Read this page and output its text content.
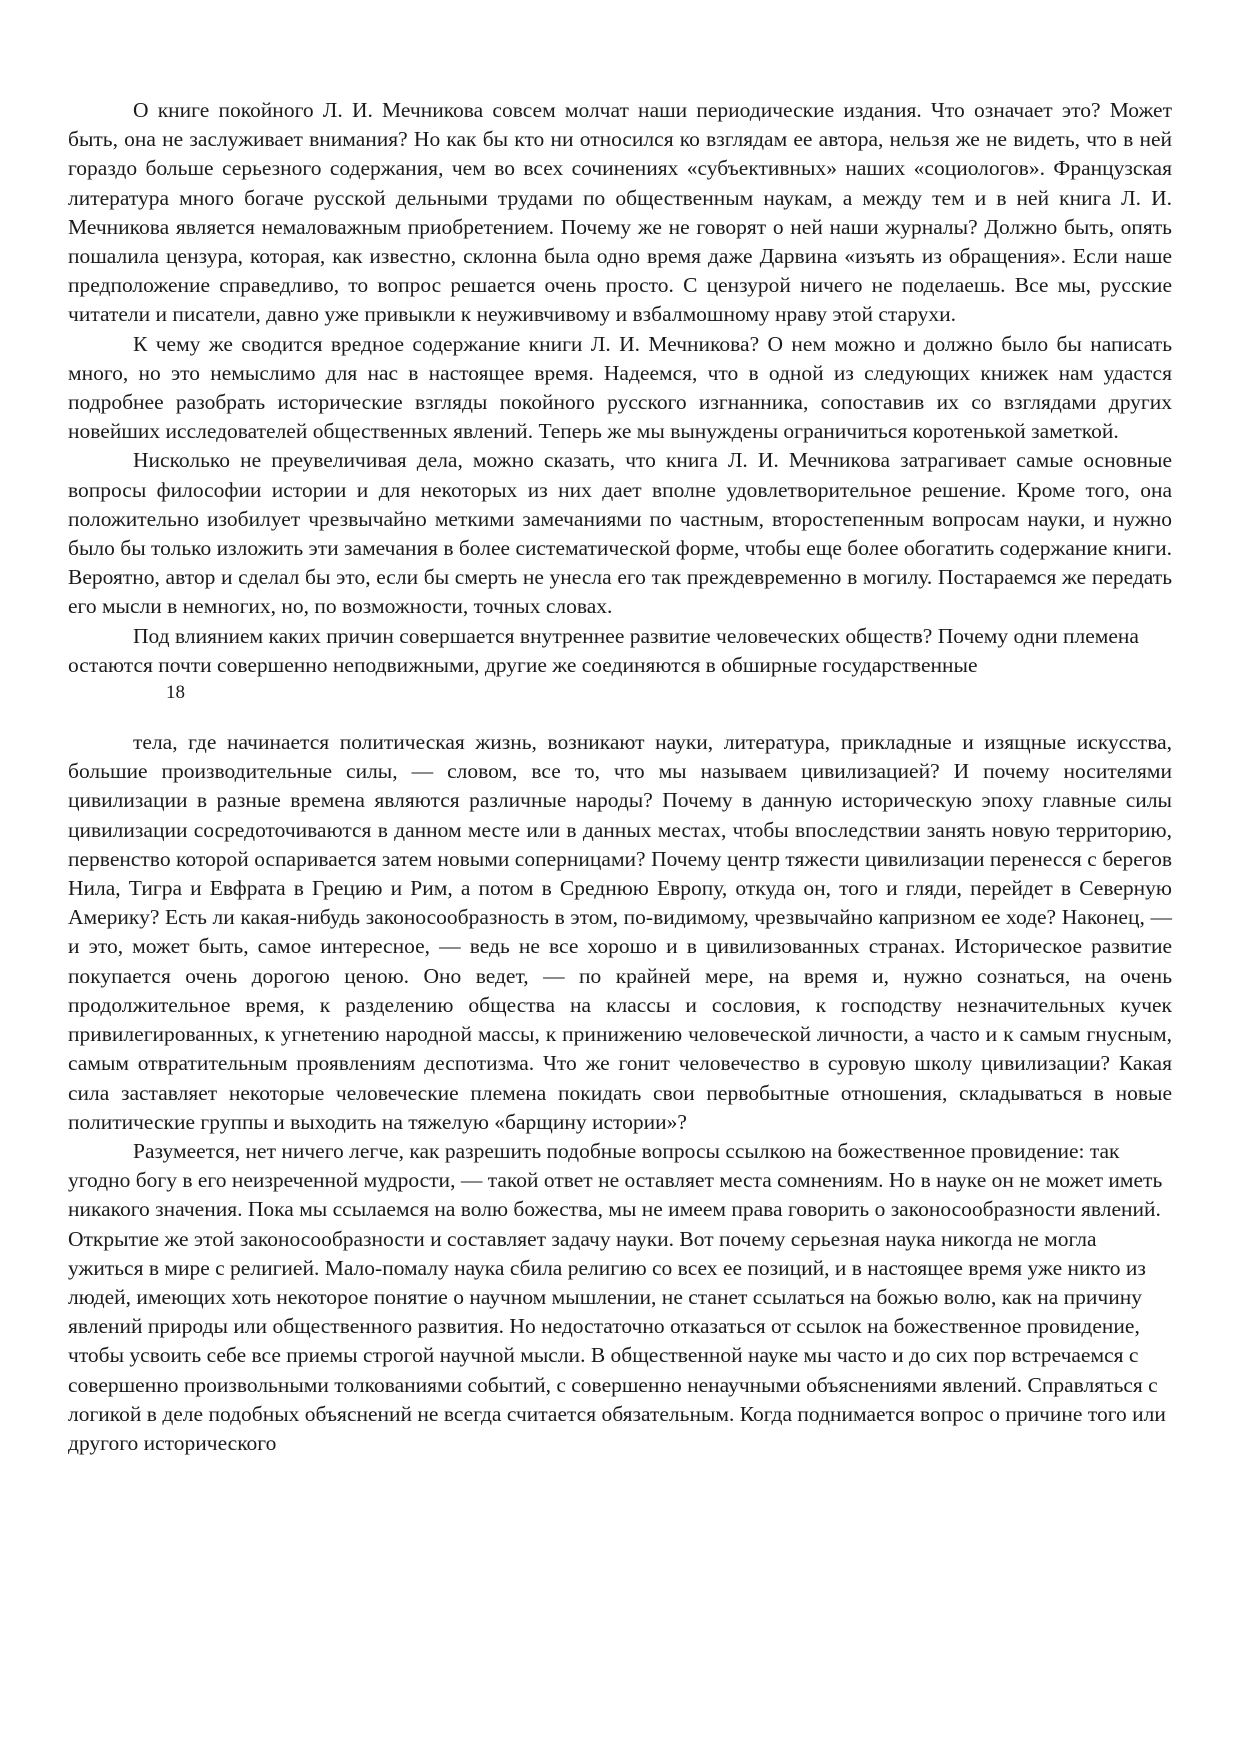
О книге покойного Л. И. Мечникова совсем молчат наши периодические издания. Что означает это? Может быть, она не заслуживает внимания? Но как бы кто ни относился ко взглядам ее автора, нельзя же не видеть, что в ней гораздо больше серьезного содержания, чем во всех сочинениях «субъективных» наших «социологов». Французская литература много богаче русской дельными трудами по общественным наукам, а между тем и в ней книга Л. И. Мечникова является немаловажным приобретением. Почему же не говорят о ней наши журналы? Должно быть, опять пошалила цензура, которая, как известно, склонна была одно время даже Дарвина «изъять из обращения». Если наше предположение справедливо, то вопрос решается очень просто. С цензурой ничего не поделаешь. Все мы, русские читатели и писатели, давно уже привыкли к неуживчивому и взбалмошному нраву этой старухи.

К чему же сводится вредное содержание книги Л. И. Мечникова? О нем можно и должно было бы написать много, но это немыслимо для нас в настоящее время. Надеемся, что в одной из следующих книжек нам удастся подробнее разобрать исторические взгляды покойного русского изгнанника, сопоставив их со взглядами других новейших исследователей общественных явлений. Теперь же мы вынуждены ограничиться коротенькой заметкой.

Нисколько не преувеличивая дела, можно сказать, что книга Л. И. Мечникова затрагивает самые основные вопросы философии истории и для некоторых из них дает вполне удовлетворительное решение. Кроме того, она положительно изобилует чрезвычайно меткими замечаниями по частным, второстепенным вопросам науки, и нужно было бы только изложить эти замечания в более систематической форме, чтобы еще более обогатить содержание книги. Вероятно, автор и сделал бы это, если бы смерть не унесла его так преждевременно в могилу. Постараемся же передать его мысли в немногих, но, по возможности, точных словах.

Под влиянием каких причин совершается внутреннее развитие человеческих обществ? Почему одни племена остаются почти совершенно неподвижными, другие же соединяются в обширные государственные

18

тела, где начинается политическая жизнь, возникают науки, литература, прикладные и изящные искусства, большие производительные силы, — словом, все то, что мы называем цивилизацией? И почему носителями цивилизации в разные времена являются различные народы? Почему в данную историческую эпоху главные силы цивилизации сосредоточиваются в данном месте или в данных местах, чтобы впоследствии занять новую территорию, первенство которой оспаривается затем новыми соперницами? Почему центр тяжести цивилизации перенесся с берегов Нила, Тигра и Евфрата в Грецию и Рим, а потом в Среднюю Европу, откуда он, того и гляди, перейдет в Северную Америку? Есть ли какая-нибудь законосообразность в этом, по-видимому, чрезвычайно капризном ее ходе? Наконец, — и это, может быть, самое интересное, — ведь не все хорошо и в цивилизованных странах. Историческое развитие покупается очень дорогою ценою. Оно ведет, — по крайней мере, на время и, нужно сознаться, на очень продолжительное время, к разделению общества на классы и сословия, к господству незначительных кучек привилегированных, к угнетению народной массы, к принижению человеческой личности, а часто и к самым гнусным, самым отвратительным проявлениям деспотизма. Что же гонит человечество в суровую школу цивилизации? Какая сила заставляет некоторые человеческие племена покидать свои первобытные отношения, складываться в новые политические группы и выходить на тяжелую «барщину истории»?

Разумеется, нет ничего легче, как разрешить подобные вопросы ссылкою на божественное провидение: так угодно богу в его неизреченной мудрости, — такой ответ не оставляет места сомнениям. Но в науке он не может иметь никакого значения. Пока мы ссылаемся на волю божества, мы не имеем права говорить о законосообразности явлений. Открытие же этой законосообразности и составляет задачу науки. Вот почему серьезная наука никогда не могла ужиться в мире с религией. Мало-помалу наука сбила религию со всех ее позиций, и в настоящее время уже никто из людей, имеющих хоть некоторое понятие о научном мышлении, не станет ссылаться на божью волю, как на причину явлений природы или общественного развития. Но недостаточно отказаться от ссылок на божественное провидение, чтобы усвоить себе все приемы строгой научной мысли. В общественной науке мы часто и до сих пор встречаемся с совершенно произвольными толкованиями событий, с совершенно ненаучными объяснениями явлений. Справляться с логикой в деле подобных объяснений не всегда считается обязательным. Когда поднимается вопрос о причине того или другого исторического
